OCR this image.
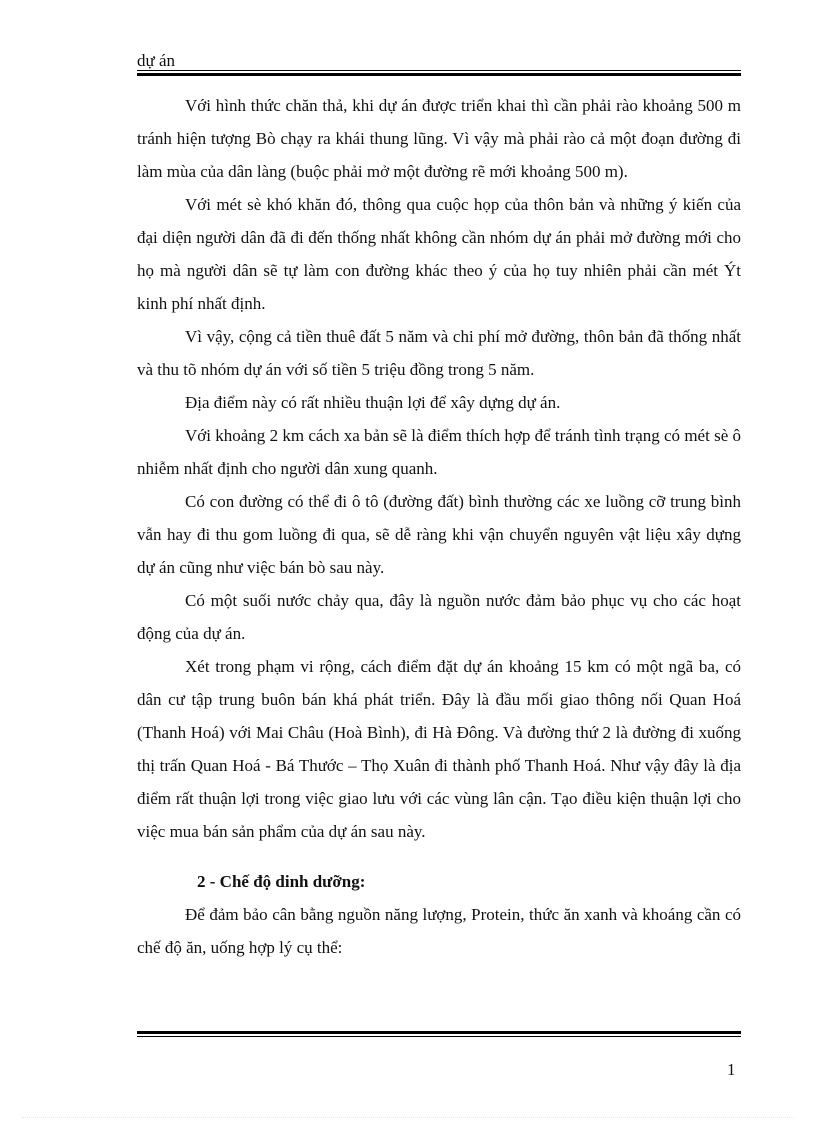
dự án

Với hình thức chăn thả, khi dự án được triển khai thì cần phải rào khoảng 500 m tránh hiện tượng Bò chạy ra khái thung lũng. Vì vậy mà phải rào cả một đoạn đường đi làm mùa của dân làng (buộc phải mở một đường rẽ mới khoảng 500 m).

Với mét sè khó khăn đó, thông qua cuộc họp của thôn bản và những ý kiến của đại diện người dân đã đi đến thống nhất không cần nhóm dự án phải mở đường mới cho họ mà người dân sẽ tự làm con đường khác theo ý của họ tuy nhiên phải cần mét Ýt kinh phí nhất định.

Vì vậy, cộng cả tiền thuê đất 5 năm và chi phí mở đường, thôn bản đã thống nhất và thu tõ nhóm dự án với số tiền 5 triệu đồng trong 5 năm.

Địa điểm này có rất nhiều thuận lợi để xây dựng dự án.

Với khoảng 2 km cách xa bản sẽ là điểm thích hợp để tránh tình trạng có mét sè ô nhiễm nhất định cho người dân xung quanh.

Có con đường có thể đi ô tô (đường đất) bình thường các xe luồng cỡ trung bình vẫn hay đi thu gom luồng đi qua, sẽ dễ ràng khi vận chuyển nguyên vật liệu xây dựng dự án cũng như việc bán bò sau này.

Có một suối nước chảy qua, đây là nguồn nước đảm bảo phục vụ cho các hoạt động của dự án.

Xét trong phạm vi rộng, cách điểm đặt dự án khoảng 15 km có một ngã ba, có dân cư tập trung buôn bán khá phát triển. Đây là đầu mối giao thông nối Quan Hoá (Thanh Hoá) với Mai Châu (Hoà Bình), đi Hà Đông. Và đường thứ 2 là đường đi xuống thị trấn Quan Hoá - Bá Thước – Thọ Xuân đi thành phố Thanh Hoá. Như vậy đây là địa điểm rất thuận lợi trong việc giao lưu với các vùng lân cận. Tạo điều kiện thuận lợi cho việc mua bán sản phẩm của dự án sau này.

2 - Chế độ dinh dưỡng:

Để đảm bảo cân bằng nguồn năng lượng, Protein, thức ăn xanh và khoáng cần có chế độ ăn, uống hợp lý cụ thể:

1
